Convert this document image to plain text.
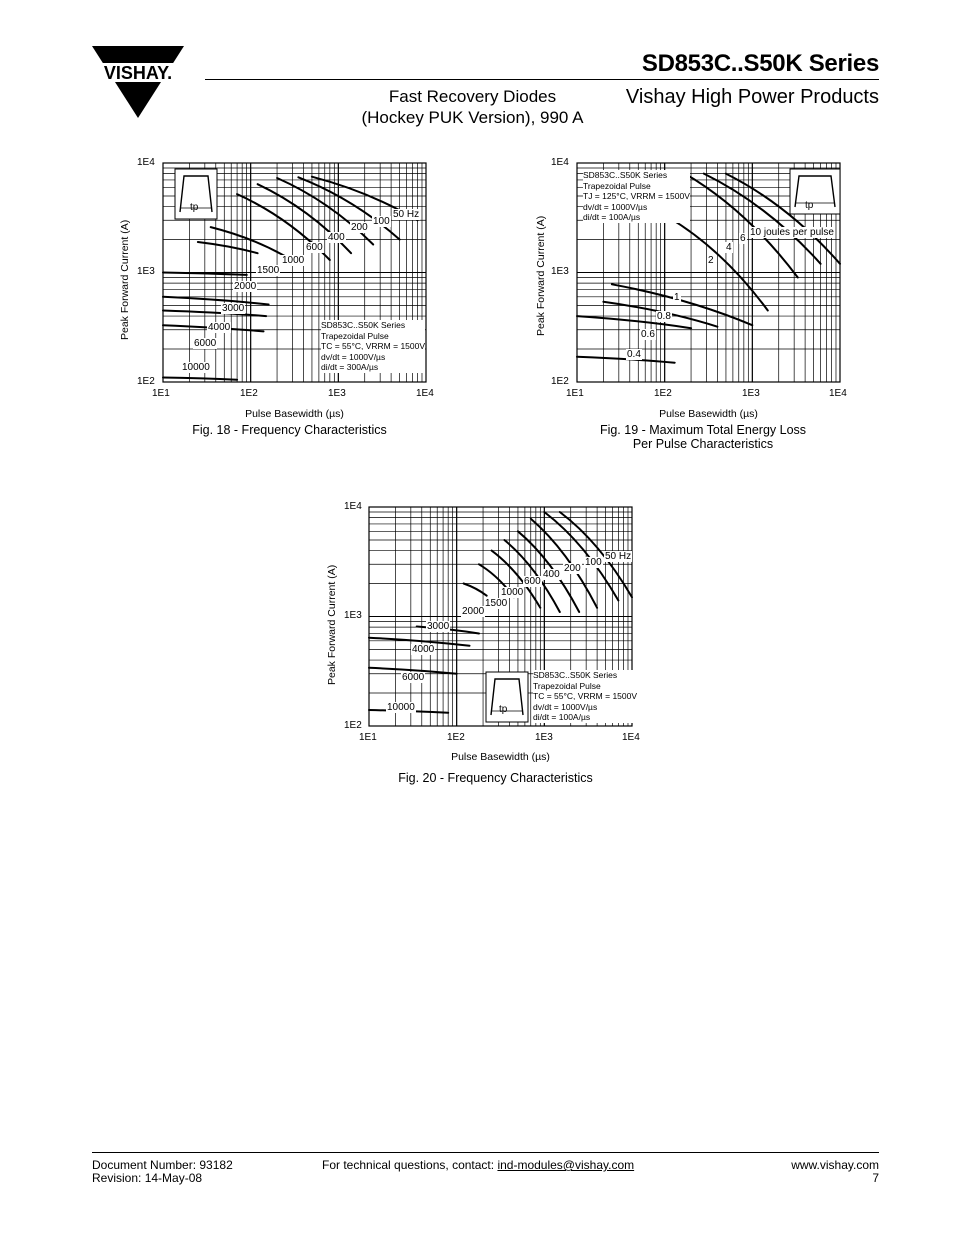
VISHAY.	SD853C..S50K Series
Fast Recovery Diodes
(Hockey PUK Version), 990 A
Vishay High Power Products
Peak Forward Current (A)
1E4
1E3
1E2
1E1	1E2	1E3	1E4
Pulse Basewidth (µs)
Fig. 18 - Frequency Characteristics
50 Hz
100
200
400
600
1000
1500
2000
3000
4000
6000
10000
tp
SD853C..S50K Series
Trapezoidal Pulse
TC = 55°C, VRRM = 1500V
dv/dt = 1000V/µs
di/dt = 300A/µs
Peak Forward Current (A)
1E4
1E3
1E2
1E1	1E2	1E3	1E4
Pulse Basewidth (µs)
Fig. 19 - Maximum Total Energy Loss
Per Pulse Characteristics
10 joules per pulse
6
4
2
1
0.8
0.6
0.4
tp
SD853C..S50K Series
Trapezoidal Pulse
TJ = 125°C, VRRM = 1500V
dv/dt = 1000V/µs
di/dt = 100A/µs
Peak Forward Current (A)
1E4
1E3
1E2
1E1	1E2	1E3	1E4
Pulse Basewidth (µs)
Fig. 20 - Frequency Characteristics
50 Hz
100
200
400
600
1000
1500
2000
3000
4000
6000
10000	tp
SD853C..S50K Series
Trapezoidal Pulse
TC = 55°C, VRRM = 1500V
dv/dt = 1000V/µs
di/dt = 100A/µs
Document Number: 93182
Revision: 14-May-08
For technical questions, contact: ind-modules@vishay.com	www.vishay.com
7
